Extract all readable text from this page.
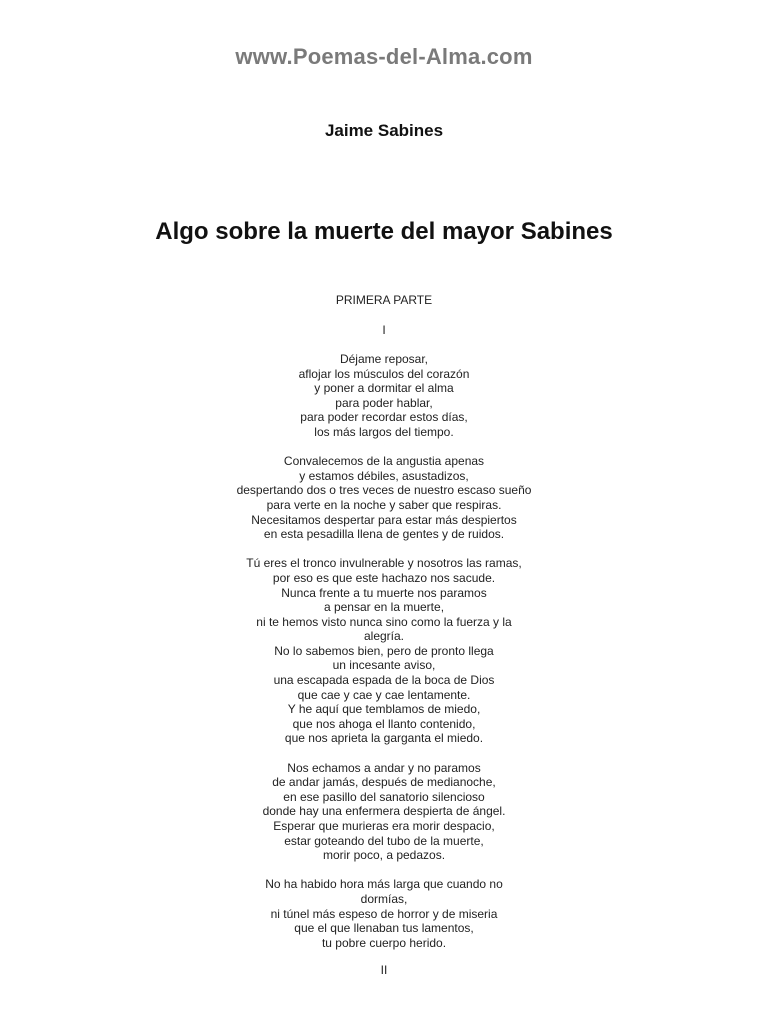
www.Poemas-del-Alma.com
Jaime Sabines
Algo sobre la muerte del mayor Sabines
PRIMERA PARTE
I
Déjame reposar,
aflojar los músculos del corazón
y poner a dormitar el alma
para poder hablar,
para poder recordar estos días,
los más largos del tiempo.
Convalecemos de la angustia apenas
y estamos débiles, asustadizos,
despertando dos o tres veces de nuestro escaso sueño
para verte en la noche y saber que respiras.
Necesitamos despertar para estar más despiertos
en esta pesadilla llena de gentes y de ruidos.
Tú eres el tronco invulnerable y nosotros las ramas,
por eso es que este hachazo nos sacude.
Nunca frente a tu muerte nos paramos
a pensar en la muerte,
ni te hemos visto nunca sino como la fuerza y la
alegría.
No lo sabemos bien, pero de pronto llega
un incesante aviso,
una escapada espada de la boca de Dios
que cae y cae y cae lentamente.
Y he aquí que temblamos de miedo,
que nos ahoga el llanto contenido,
que nos aprieta la garganta el miedo.
Nos echamos a andar y no paramos
de andar jamás, después de medianoche,
en ese pasillo del sanatorio silencioso
donde hay una enfermera despierta de ángel.
Esperar que murieras era morir despacio,
estar goteando del tubo de la muerte,
morir poco, a pedazos.
No ha habido hora más larga que cuando no
dormías,
ni túnel más espeso de horror y de miseria
que el que llenaban tus lamentos,
tu pobre cuerpo herido.
II
